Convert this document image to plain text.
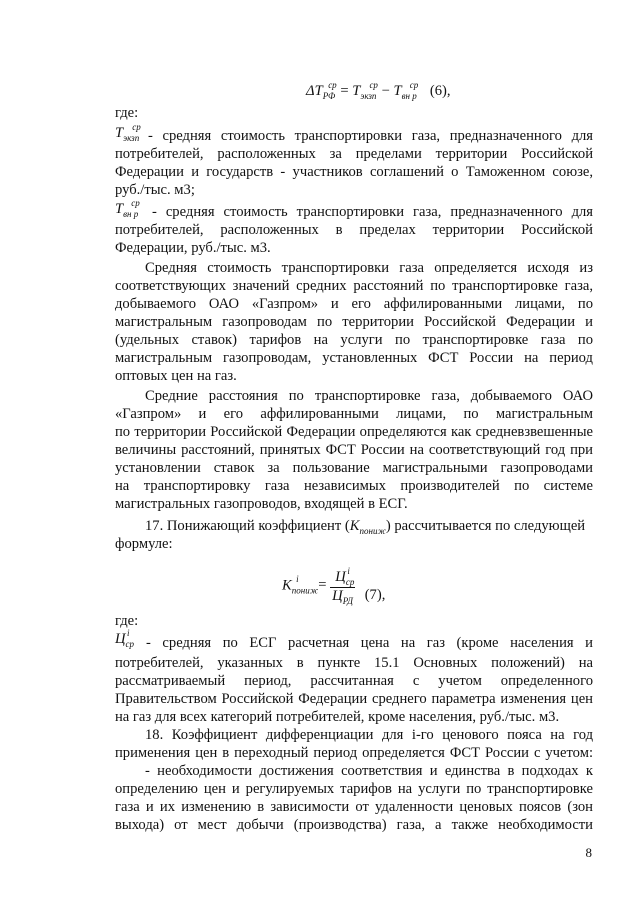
$\Delta T_{РФ}^{ср} = T_{экзп}^{ср} - T_{вн р}^{ср}$ (6),
где:
$T_{экзп}^{ср}$
- средняя стоимость транспортировки газа, предназначенного для
потребителей, расположенных за пределами территории Российской
Федерации и государств - участников соглашений о Таможенном союзе,
руб./тыс. м3;
$T_{вн р}^{ср}$
- средняя стоимость транспортировки газа, предназначенного для
потребителей, расположенных в пределах территории Российской
Федерации, руб./тыс. м3.
Средняя стоимость транспортировки газа определяется исходя из
соответствующих значений средних расстояний по транспортировке газа,
добываемого ОАО «Газпром» и его аффилированными лицами, по
магистральным газопроводам по территории Российской Федерации и
(удельных ставок) тарифов на услуги по транспортировке газа по
магистральным газопроводам, установленных ФСТ России на период
оптовых цен на газ.
Средние расстояния по транспортировке газа, добываемого ОАО
«Газпром» и его аффилированными лицами, по магистральным
по территории Российской Федерации определяются как средневзвешенные
величины расстояний, принятых ФСТ России на соответствующий год при
установлении ставок за пользование магистральными газопроводами
на транспортировку газа независимых производителей по системе
магистральных газопроводов, входящей в ЕСГ.
17. Понижающий коэффициент $(K_{пониж})$ рассчитывается по следующей
формуле:
$K_{пониж}^i = \frac{Ц_{ср}^i}{Ц_{РД}} (7)$,
где:
$Ц_{ср}^i$
- средняя по ЕСГ расчетная цена на газ (кроме населения и
потребителей, указанных в пункте 15.1 Основных положений) на
рассматриваемый период, рассчитанная с учетом определенного
Правительством Российской Федерации среднего параметра изменения цен
на газ для всех категорий потребителей, кроме населения, руб./тыс. м3.
18. Коэффициент дифференциации для i-го ценового пояса на год
применения цен в переходный период определяется ФСТ России с учетом:
- необходимости достижения соответствия и единства в подходах к
определению цен и регулируемых тарифов на услуги по транспортировке
газа и их изменению в зависимости от удаленности ценовых поясов (зон
выхода) от мест добычи (производства) газа, а также необходимости
8
